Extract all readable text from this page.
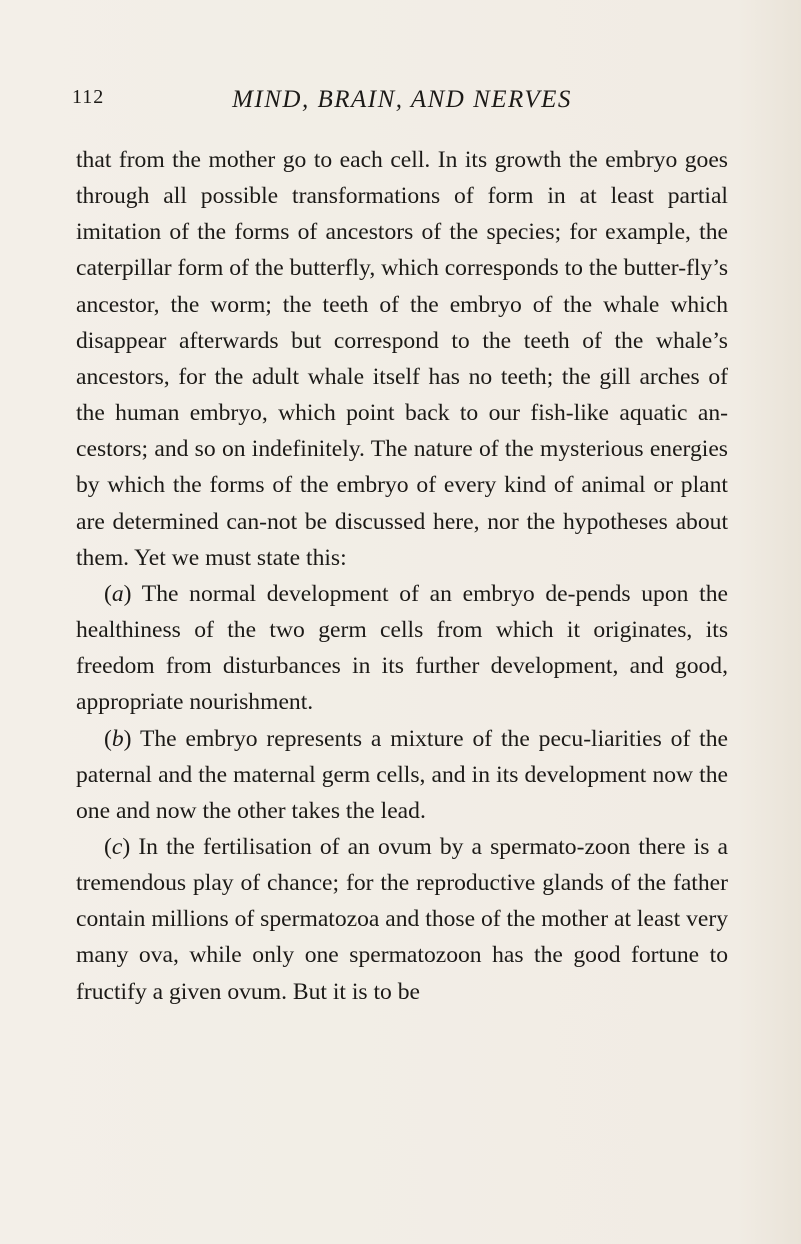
112	MIND, BRAIN, AND NERVES

that from the mother go to each cell. In its growth the embryo goes through all possible transformations of form in at least partial imitation of the forms of ancestors of the species; for example, the caterpillar form of the butterfly, which corresponds to the butter-fly’s ancestor, the worm; the teeth of the embryo of the whale which disappear afterwards but correspond to the teeth of the whale’s ancestors, for the adult whale itself has no teeth; the gill arches of the human embryo, which point back to our fish-like aquatic an-cestors; and so on indefinitely. The nature of the mysterious energies by which the forms of the embryo of every kind of animal or plant are determined can-not be discussed here, nor the hypotheses about them. Yet we must state this:

(a) The normal development of an embryo de-pends upon the healthiness of the two germ cells from which it originates, its freedom from disturbances in its further development, and good, appropriate nourishment.

(b) The embryo represents a mixture of the pecu-liarities of the paternal and the maternal germ cells, and in its development now the one and now the other takes the lead.

(c) In the fertilisation of an ovum by a spermato-zoon there is a tremendous play of chance; for the reproductive glands of the father contain millions of spermatozoa and those of the mother at least very many ova, while only one spermatozoon has the good fortune to fructify a given ovum. But it is to be
